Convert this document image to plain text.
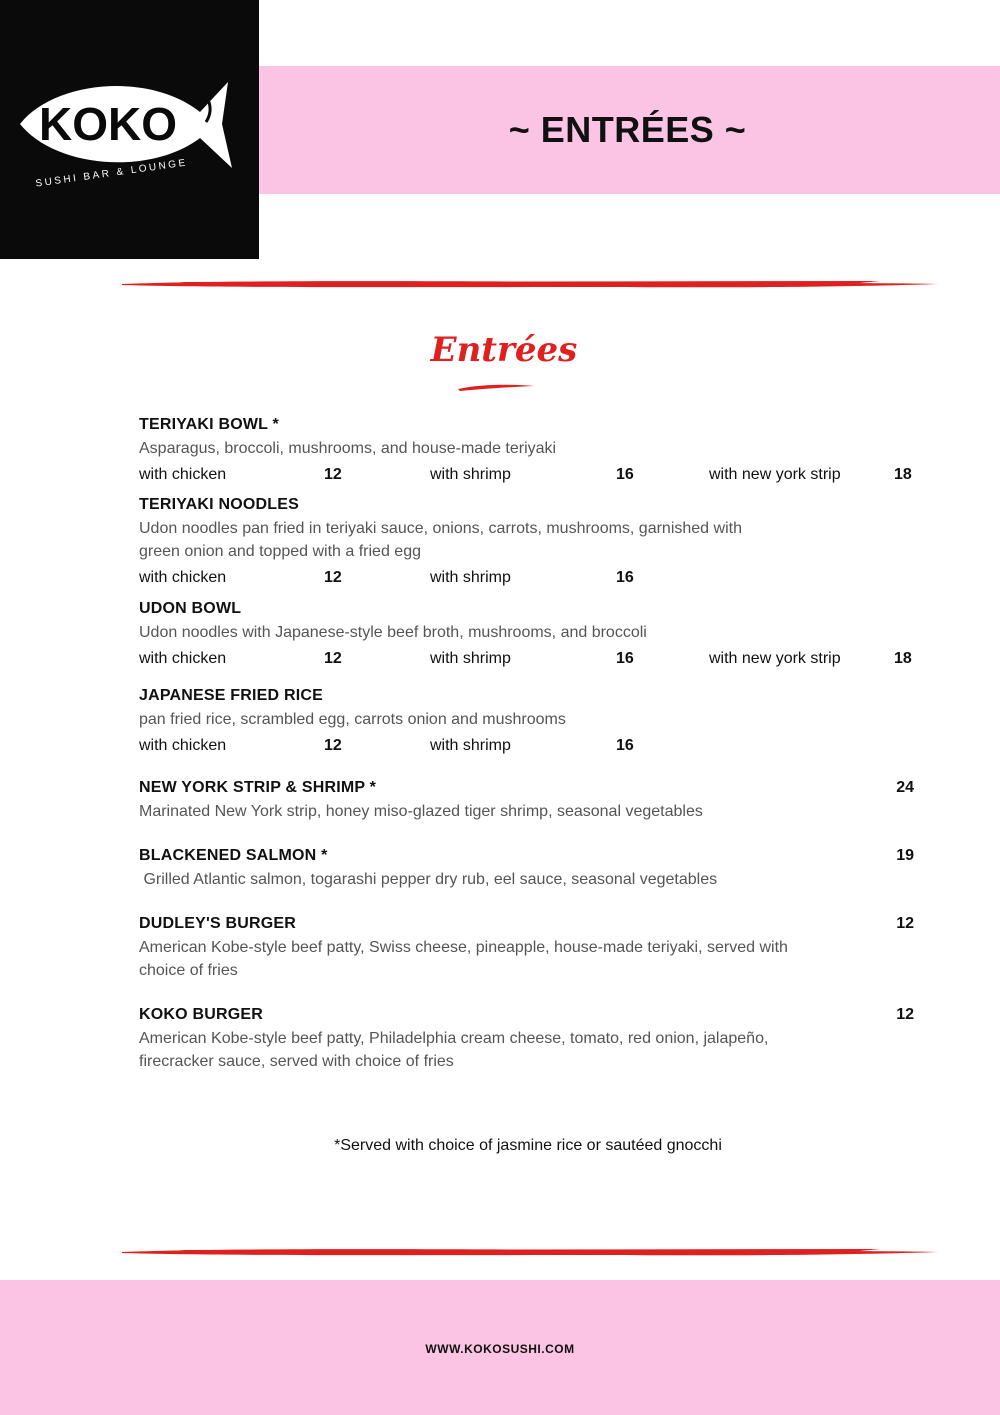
KOKO
SUSHI BAR & LOUNGE
~ ENTRÉES ~
Entrées
TERIYAKI BOWL *
Asparagus, broccoli, mushrooms, and house-made teriyaki
with chicken	12	with shrimp	16	with new york strip	18
TERIYAKI NOODLES
Udon noodles pan fried in teriyaki sauce, onions, carrots, mushrooms, garnished with green onion and topped with a fried egg
with chicken	12	with shrimp	16
UDON BOWL
Udon noodles with Japanese-style beef broth, mushrooms, and broccoli
with chicken	12	with shrimp	16	with new york strip	18
JAPANESE FRIED RICE
pan fried rice, scrambled egg, carrots onion and mushrooms
with chicken	12	with shrimp	16
NEW YORK STRIP & SHRIMP *	24
Marinated New York strip, honey miso-glazed tiger shrimp, seasonal vegetables
BLACKENED SALMON *	19
Grilled Atlantic salmon, togarashi pepper dry rub, eel sauce, seasonal vegetables
DUDLEY'S BURGER	12
American Kobe-style beef patty, Swiss cheese, pineapple, house-made teriyaki, served with choice of fries
KOKO BURGER	12
American Kobe-style beef patty, Philadelphia cream cheese, tomato, red onion, jalapeño, firecracker sauce, served with choice of fries
*Served with choice of jasmine rice or sautéed gnocchi
WWW.KOKOSUSHI.COM
